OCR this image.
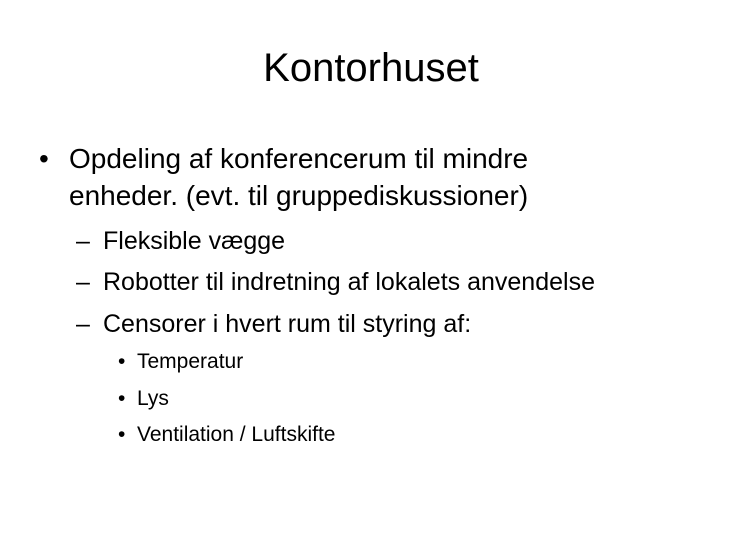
Kontorhuset
• Opdeling af konferencerum til mindre
enheder. (evt. til gruppediskussioner)
– Fleksible vægge
– Robotter til indretning af lokalets anvendelse
– Censorer i hvert rum til styring af:
• Temperatur
• Lys
• Ventilation / Luftskifte
